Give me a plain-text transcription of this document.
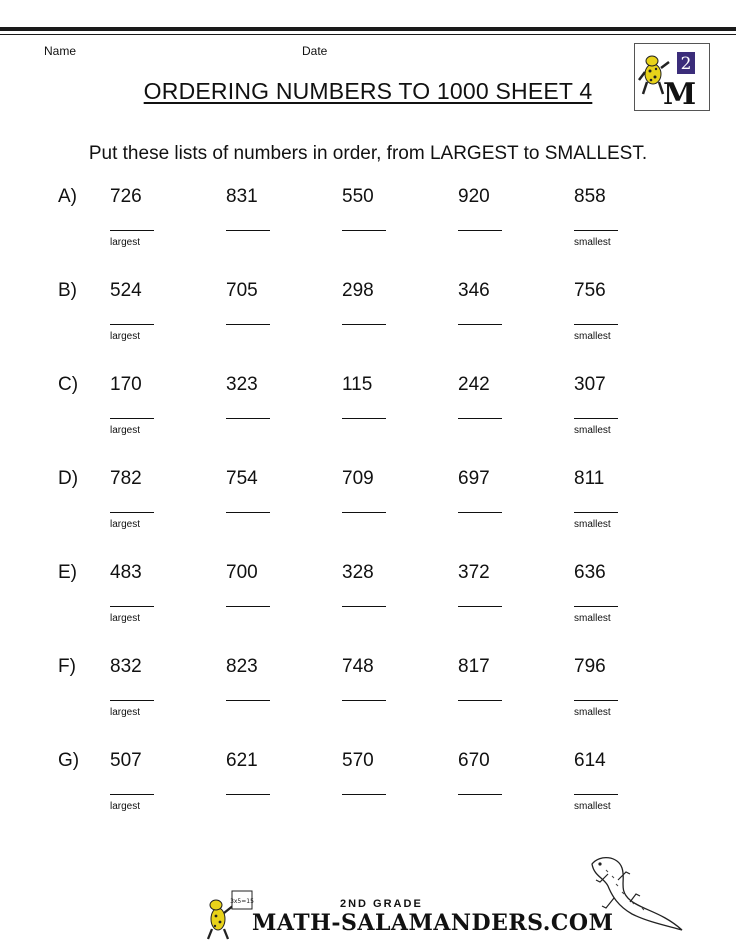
Name	Date
M
2
ORDERING NUMBERS TO 1000 SHEET 4
Put these lists of numbers in order, from LARGEST to SMALLEST.
A) 726	831	550	920	858
largest	smallest
B) 524	705	298	346	756
largest	smallest
C) 170	323	115	242	307
largest	smallest
D) 782	754	709	697	811
largest	smallest
E) 483	700	328	372	636
largest	smallest
F) 832	823	748	817	796
largest	smallest
G) 507	621	570	670	614
largest	smallest
3x5=15	2ND GRADE
MATH-SALAMANDERS.COM
